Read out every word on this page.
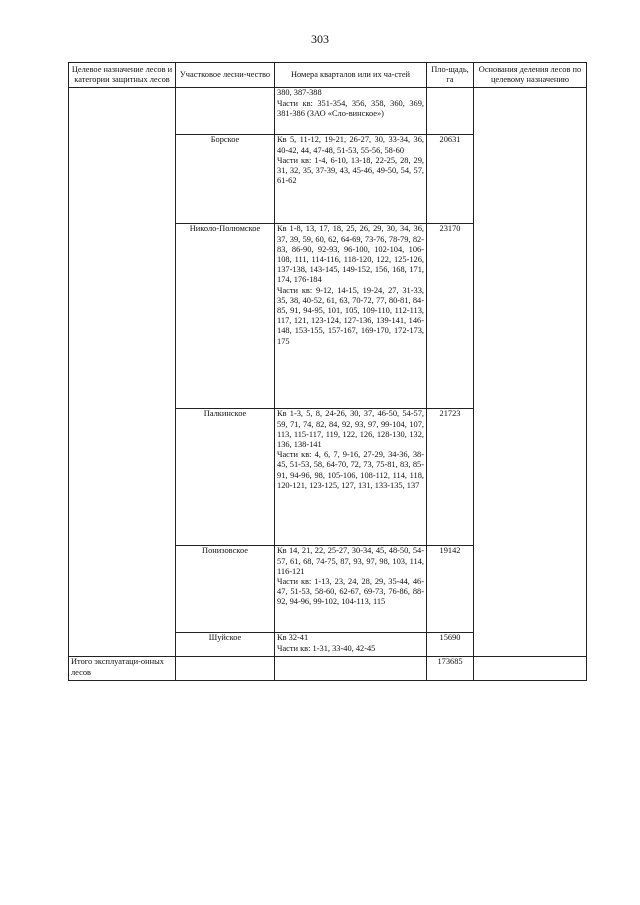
303
Целевое назначение лесов и категории защитных лесов	Участковое лесни-чество	Номера кварталов или их ча-стей	Пло-щадь, га	Основания деления лесов по целевому назначению

		380, 387-388
Части кв: 351-354, 356, 358, 360, 369, 381-386 (ЗАО «Сло-винское»)		

	Борское	Кв 5, 11-12, 19-21, 26-27, 30, 33-34, 36, 40-42, 44, 47-48, 51-53, 55-56, 58-60
Части кв: 1-4, 6-10, 13-18, 22-25, 28, 29, 31, 32, 35, 37-39, 43, 45-46, 49-50, 54, 57, 61-62	20631	
	Николо-Полюмское	Кв 1-8, 13, 17, 18, 25, 26, 29, 30, 34, 36, 37, 39, 59, 60, 62, 64-69, 73-76, 78-79, 82-83, 86-90, 92-93, 96-100, 102-104, 106-108, 111, 114-116, 118-120, 122, 125-126, 137-138, 143-145, 149-152, 156, 168, 171, 174, 176-184
Части кв: 9-12, 14-15, 19-24, 27, 31-33, 35, 38, 40-52, 61, 63, 70-72, 77, 80-81, 84-85, 91, 94-95, 101, 105, 109-110, 112-113, 117, 121, 123-124, 127-136, 139-141, 146-148, 153-155, 157-167, 169-170, 172-173, 175	23170	
	Палкинское	Кв 1-3, 5, 8, 24-26, 30, 37, 46-50, 54-57, 59, 71, 74, 82, 84, 92, 93, 97, 99-104, 107, 113, 115-117, 119, 122, 126, 128-130, 132, 136, 138-141
Части кв: 4, 6, 7, 9-16, 27-29, 34-36, 38-45, 51-53, 58, 64-70, 72, 73, 75-81, 83, 85-91, 94-96, 98, 105-106, 108-112, 114, 118, 120-121, 123-125, 127, 131, 133-135, 137	21723	
	Понизовское	Кв 14, 21, 22, 25-27, 30-34, 45, 48-50, 54-57, 61, 68, 74-75, 87, 93, 97, 98, 103, 114, 116-121
Части кв: 1-13, 23, 24, 28, 29, 35-44, 46-47, 51-53, 58-60, 62-67, 69-73, 76-86, 88-92, 94-96, 99-102, 104-113, 115	19142	
	Шуйское	Кв 32-41
Части кв: 1-31, 33-40, 42-45	15690	
Итого эксплуатаци-онных лесов			173685	
